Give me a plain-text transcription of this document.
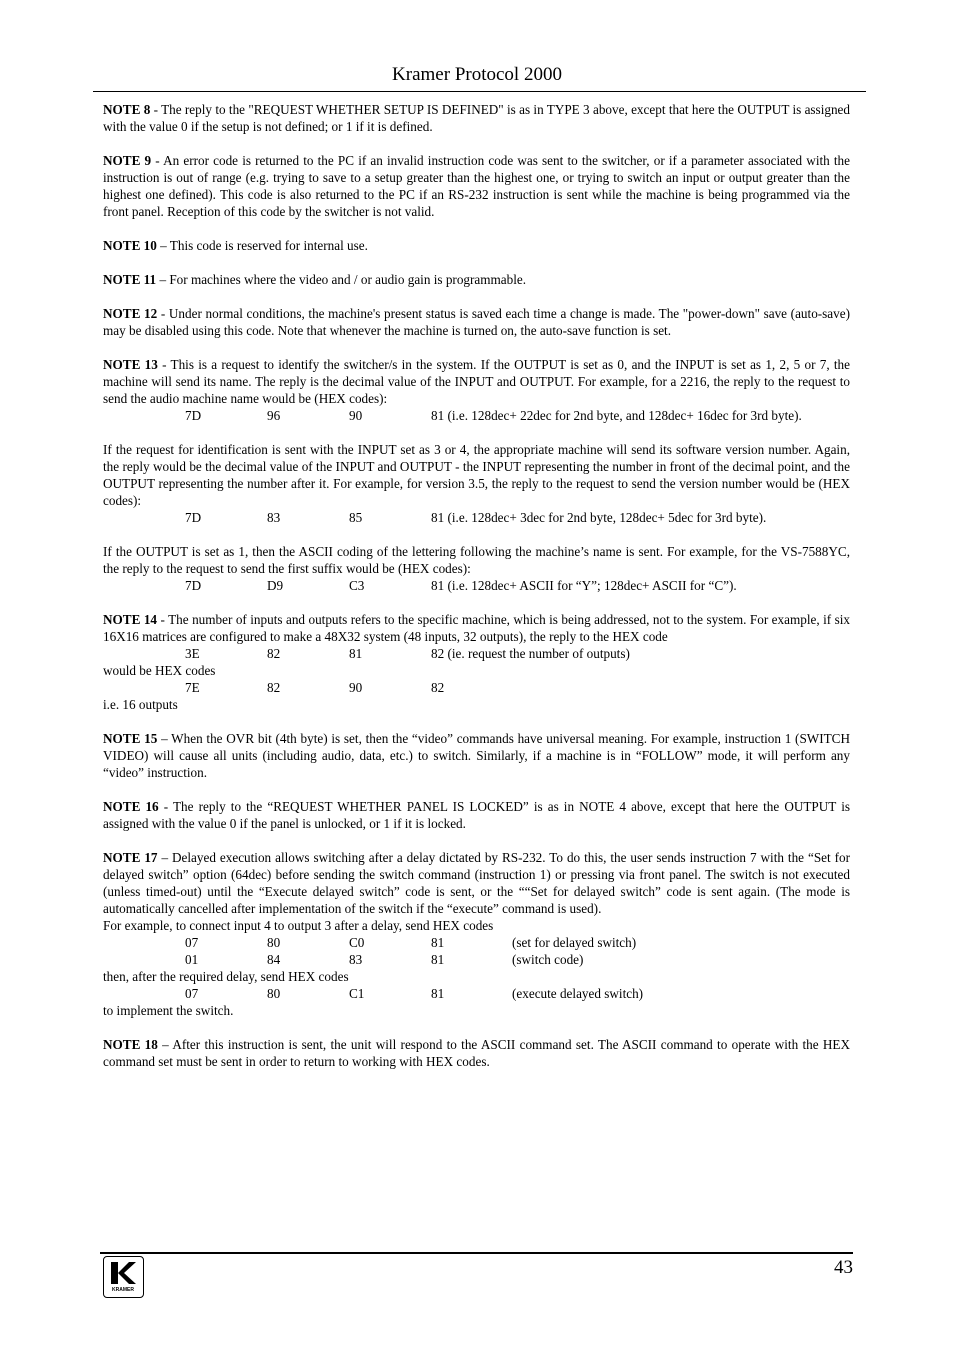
Kramer Protocol 2000

NOTE 8 - The reply to the "REQUEST WHETHER SETUP IS DEFINED" is as in TYPE 3 above, except that here the OUTPUT is assigned with the value 0 if the setup is not defined; or 1 if it is defined.

NOTE 9 - An error code is returned to the PC if an invalid instruction code was sent to the switcher, or if a parameter associated with the instruction is out of range (e.g. trying to save to a setup greater than the highest one, or trying to switch an input or output greater than the highest one defined). This code is also returned to the PC if an RS-232 instruction is sent while the machine is being programmed via the front panel. Reception of this code by the switcher is not valid.

NOTE 10 – This code is reserved for internal use.

NOTE 11 – For machines where the video and / or audio gain is programmable.

NOTE 12 - Under normal conditions, the machine's present status is saved each time a change is made. The "power-down" save (auto-save) may be disabled using this code. Note that whenever the machine is turned on, the auto-save function is set.

NOTE 13 - This is a request to identify the switcher/s in the system. If the OUTPUT is set as 0, and the INPUT is set as 1, 2, 5 or 7, the machine will send its name. The reply is the decimal value of the INPUT and OUTPUT. For example, for a 2216, the reply to the request to send the audio machine name would be (HEX codes):

7D	96	90	81 (i.e. 128dec+ 22dec for 2nd byte, and 128dec+ 16dec for 3rd byte).

If the request for identification is sent with the INPUT set as 3 or 4, the appropriate machine will send its software version number. Again, the reply would be the decimal value of the INPUT and OUTPUT - the INPUT representing the number in front of the decimal point, and the OUTPUT representing the number after it. For example, for version 3.5, the reply to the request to send the version number would be (HEX codes):

7D	83	85	81 (i.e. 128dec+ 3dec for 2nd byte, 128dec+ 5dec for 3rd byte).

If the OUTPUT is set as 1, then the ASCII coding of the lettering following the machine’s name is sent. For example, for the VS-7588YC, the reply to the request to send the first suffix would be (HEX codes):

7D	D9	C3	81 (i.e. 128dec+ ASCII for “Y”; 128dec+ ASCII for “C”).

NOTE 14 - The number of inputs and outputs refers to the specific machine, which is being addressed, not to the system. For example, if six 16X16 matrices are configured to make a 48X32 system (48 inputs, 32 outputs), the reply to the HEX code

3E	82	81	82 (ie. request the number of outputs)
would be HEX codes
7E	82	90	82
i.e. 16 outputs

NOTE 15 – When the OVR bit (4th byte) is set, then the “video” commands have universal meaning. For example, instruction 1 (SWITCH VIDEO) will cause all units (including audio, data, etc.) to switch. Similarly, if a machine is in “FOLLOW” mode, it will perform any “video” instruction.

NOTE 16 - The reply to the “REQUEST WHETHER PANEL IS LOCKED” is as in NOTE 4 above, except that here the OUTPUT is assigned with the value 0 if the panel is unlocked, or 1 if it is locked.

NOTE 17 – Delayed execution allows switching after a delay dictated by RS-232. To do this, the user sends instruction 7 with the “Set for delayed switch” option (64dec) before sending the switch command (instruction 1) or pressing via front panel. The switch is not executed (unless timed-out) until the “Execute delayed switch” code is sent, or the ““Set for delayed switch” code is sent again. (The mode is automatically cancelled after implementation of the switch if the “execute” command is used).

For example, to connect input 4 to output 3 after a delay, send HEX codes
07	80	C0	81	(set for delayed switch)
01	84	83	81	(switch code)
then, after the required delay, send HEX codes
07	80	C1	81	(execute delayed switch)
to implement the switch.

NOTE 18 – After this instruction is sent, the unit will respond to the ASCII command set. The ASCII command to operate with the HEX command set must be sent in order to return to working with HEX codes.

KRAMER
43
